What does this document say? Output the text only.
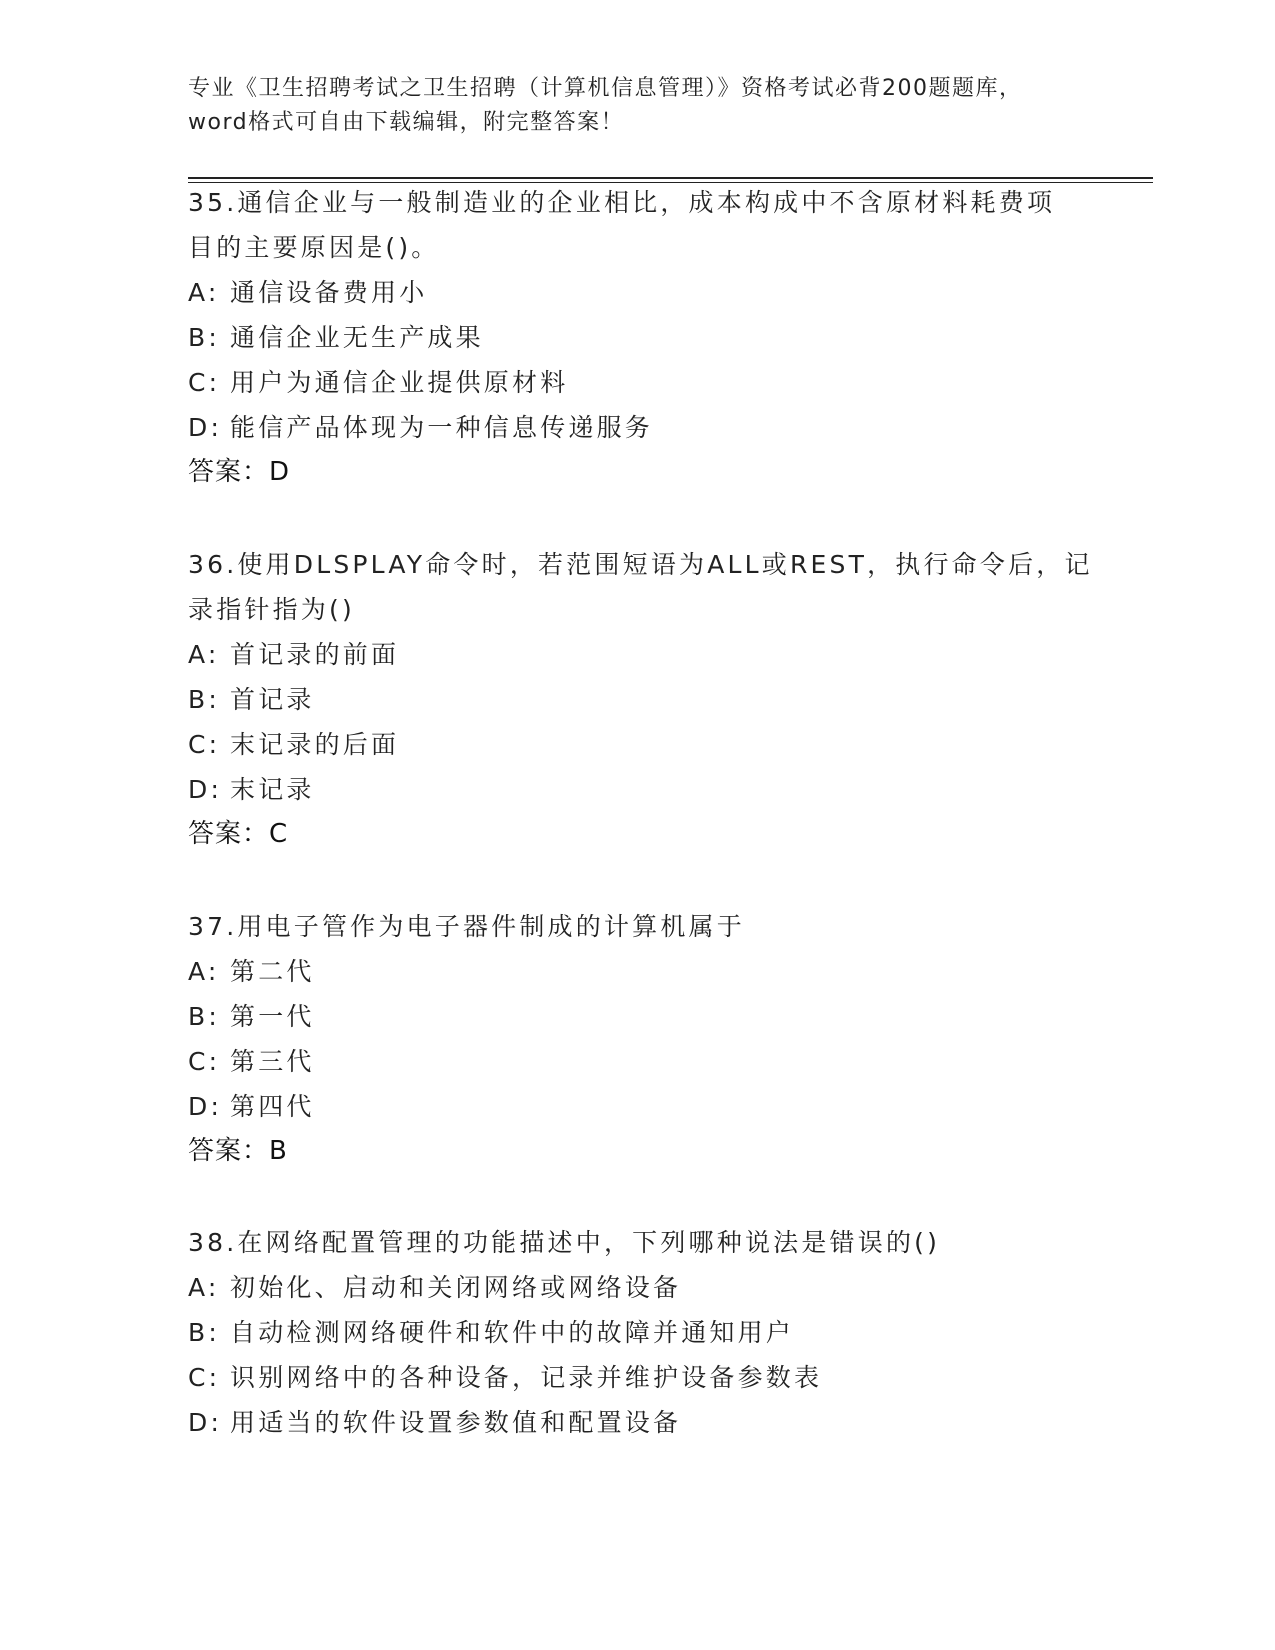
专业《卫生招聘考试之卫生招聘（计算机信息管理）》资格考试必背200题题库，
word格式可自由下载编辑，附完整答案！
35.通信企业与一般制造业的企业相比，成本构成中不含原材料耗费项
目的主要原因是()。
A: 通信设备费用小
B: 通信企业无生产成果
C: 用户为通信企业提供原材料
D: 能信产品体现为一种信息传递服务
答案：D
36.使用DLSPLAY命令时，若范围短语为ALL或REST，执行命令后，记
录指针指为()
A: 首记录的前面
B: 首记录
C: 末记录的后面
D: 末记录
答案：C
37.用电子管作为电子器件制成的计算机属于
A: 第二代
B: 第一代
C: 第三代
D: 第四代
答案：B
38.在网络配置管理的功能描述中，下列哪种说法是错误的()
A: 初始化、启动和关闭网络或网络设备
B: 自动检测网络硬件和软件中的故障并通知用户
C: 识别网络中的各种设备，记录并维护设备参数表
D: 用适当的软件设置参数值和配置设备
